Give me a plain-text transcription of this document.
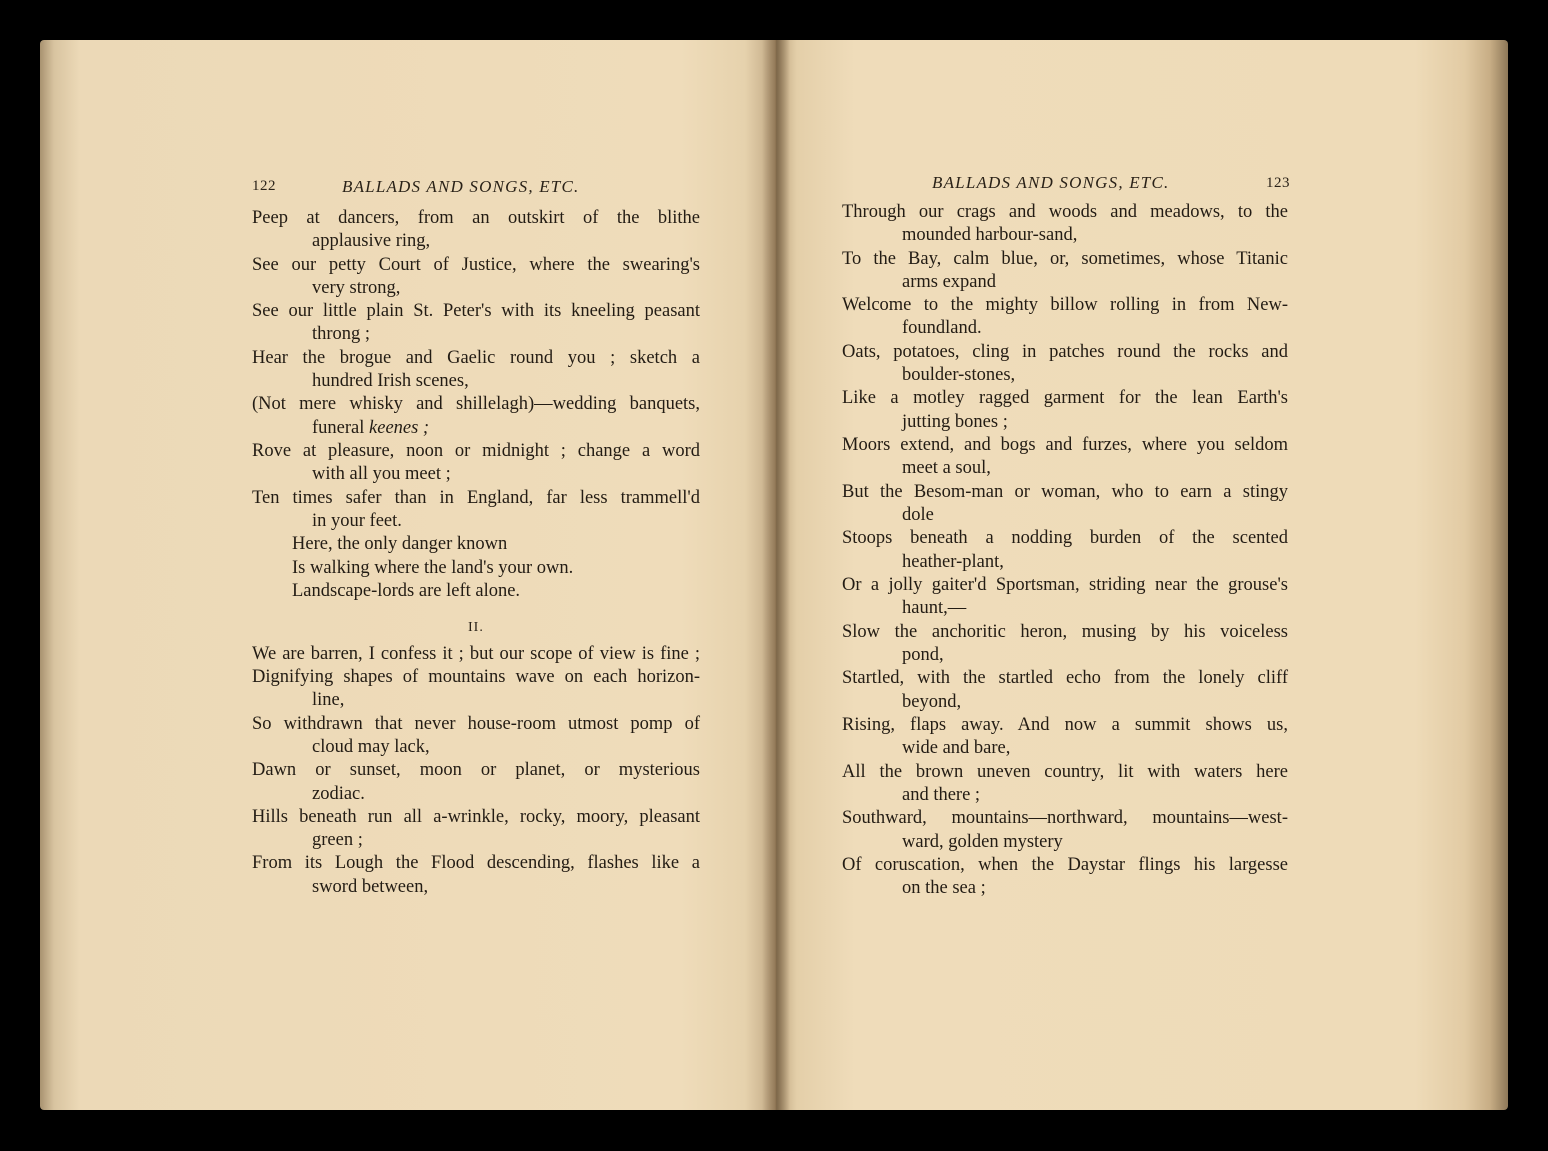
122	BALLADS AND SONGS, ETC.
Peep at dancers, from an outskirt of the blithe
applausive ring,
See our petty Court of Justice, where the swearing's
very strong,
See our little plain St. Peter's with its kneeling peasant
throng ;
Hear the brogue and Gaelic round you ; sketch a
hundred Irish scenes,
(Not mere whisky and shillelagh)—wedding banquets,
funeral keenes ;
Rove at pleasure, noon or midnight ; change a word
with all you meet ;
Ten times safer than in England, far less trammell'd
in your feet.
Here, the only danger known
Is walking where the land's your own.
Landscape-lords are left alone.
II.
We are barren, I confess it ; but our scope of view is fine ;
Dignifying shapes of mountains wave on each horizon-
line,
So withdrawn that never house-room utmost pomp of
cloud may lack,
Dawn or sunset, moon or planet, or mysterious
zodiac.
Hills beneath run all a-wrinkle, rocky, moory, pleasant
green ;
From its Lough the Flood descending, flashes like a
sword between,
BALLADS AND SONGS, ETC.	123
Through our crags and woods and meadows, to the
mounded harbour-sand,
To the Bay, calm blue, or, sometimes, whose Titanic
arms expand
Welcome to the mighty billow rolling in from New-
foundland.
Oats, potatoes, cling in patches round the rocks and
boulder-stones,
Like a motley ragged garment for the lean Earth's
jutting bones ;
Moors extend, and bogs and furzes, where you seldom
meet a soul,
But the Besom-man or woman, who to earn a stingy
dole
Stoops beneath a nodding burden of the scented
heather-plant,
Or a jolly gaiter'd Sportsman, striding near the grouse's
haunt,—
Slow the anchoritic heron, musing by his voiceless
pond,
Startled, with the startled echo from the lonely cliff
beyond,
Rising, flaps away. And now a summit shows us,
wide and bare,
All the brown uneven country, lit with waters here
and there ;
Southward, mountains—northward, mountains—west-
ward, golden mystery
Of coruscation, when the Daystar flings his largesse
on the sea ;
